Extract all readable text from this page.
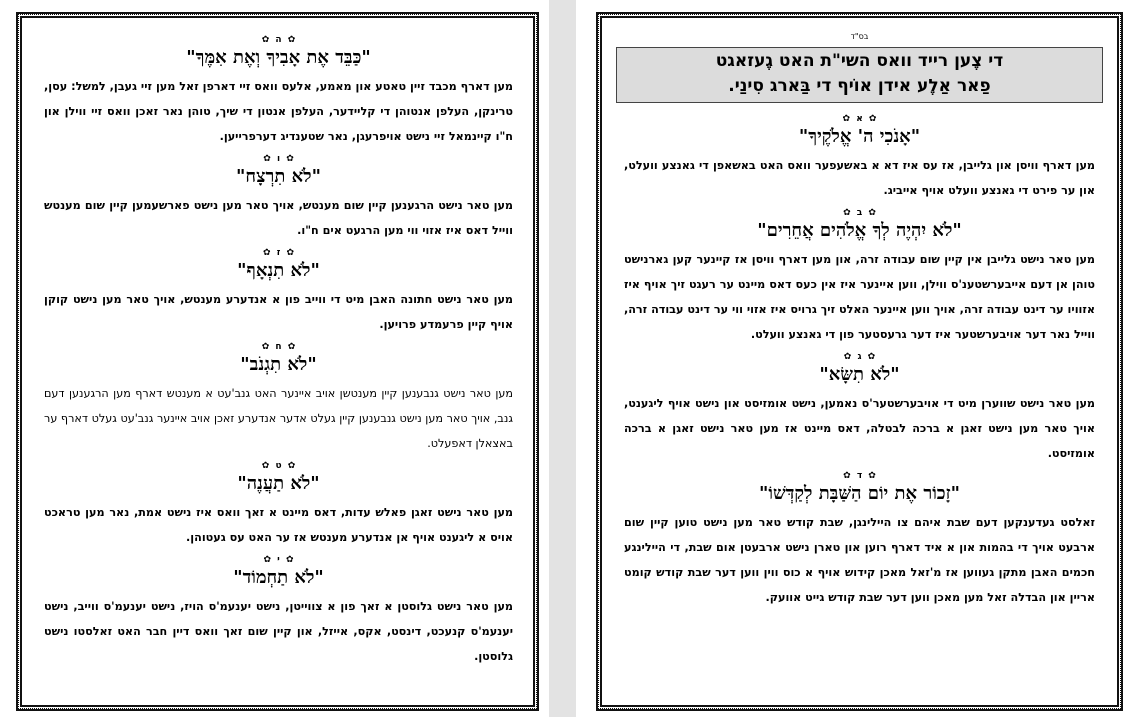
✿ ה ✿
"כַּבֵּד אֶת אָבִיךָ וְאֶת אִמֶּךָ"

מען דארף מכבד זיין טאטע און מאמע, אלעס וואס זיי דארפן זאל מען זיי געבן, למשל: עסן, טרינקן, העלפן אנטוהן די קליידער, העלפן אנטון די שיך, טוהן נאר זאכן וואס זיי ווילן און ח"ו קיינמאל זיי נישט אויפרעגן, נאר שטענדיג דערפרייען.

✿ ו ✿
"לֹא תִרְצָח"

מען טאר נישט הרגענען קיין שום מענטש, אויך טאר מען נישט פארשעמען קיין שום מענטש ווייל דאס איז אזוי ווי מען הרגעט אים ח"ו.

✿ ז ✿
"לֹא תִנְאָף"

מען טאר נישט חתונה האבן מיט די ווייב פון א אנדערע מענטש, אויך טאר מען נישט קוקן אויף קיין פרעמדע פרויען.

✿ ח ✿
"לֹא תִגְנֹב"

מען טאר נישט גנבענען קיין מענטשן אויב איינער האט גנב'עט א מענטש דארף מען הרגענען דעם גנב, אויך טאר מען נישט גנבענען קיין געלט אדער אנדערע זאכן אויב איינער גנב'עט געלט דארף ער באצאלן דאפעלט.

✿ ט ✿
"לֹא תַעֲנֶה"

מען טאר נישט זאגן פאלש עדות, דאס מיינט א זאך וואס איז נישט אמת, נאר מען טראכט אויס א ליגענט אויף אן אנדערע מענטש אז ער האט עס געטוהן.

✿ י ✿
"לֹא תַחְמוֹד"

מען טאר נישט גלוסטן א זאך פון א צווייטן, נישט יענעמ'ס הויז, נישט יענעמ'ס ווייב, נישט יענעמ'ס קנעכט, דינסט, אקס, אייזל, און קיין שום זאך וואס דיין חבר האט זאלסטו נישט גלוסטן.

בס"ד
די צֶען רייד וואס השי"ת האט גֶעזאגט
פַאר אַלֶע אידן אוֹיף די בַּארג סִינַי.
✿ א ✿
"אָנֹכִי ה' אֱלֹקֶיךָ"

מען דארף וויסן און גלייבן, אז עס איז דא א באשעפער וואס האט באשאפן די גאנצע וועלט, און ער פירט די גאנצע וועלט אויף אייביג.

✿ ב ✿
"לֹא יִהְיֶה לְךָ אֱלֹהִים אֲחֵרִים"

מען טאר נישט גלייבן אין קיין שום עבודה זרה, און מען דארף וויסן אז קיינער קען גארנישט טוהן אן דעם אייבערשטענ'ס ווילן, ווען איינער איז אין כעס דאס מיינט ער רעגט זיך אויף איז אזוויו ער דינט עבודה זרה, אויך ווען איינער האלט זיך גרויס איז אזוי ווי ער דינט עבודה זרה, ווייל נאר דער אויבערשטער איז דער גרעסטער פון די גאנצע וועלט.

✿ ג ✿
"לֹא תִשָּׂא"

מען טאר נישט שווערן מיט די אויבערשטער'ס נאמען, נישט אומזיסט און נישט אויף ליגענט, אויך טאר מען נישט זאגן א ברכה לבטלה, דאס מיינט אז מען טאר נישט זאגן א ברכה אומזיסט.

✿ ד ✿
"זָכוֹר אֶת יוֹם הַשַּׁבָּת לְקַדְּשׁוֹ"

זאלסט געדענקען דעם שבת איהם צו היילינגן, שבת קודש טאר מען נישט טוען קיין שום ארבעט אויך די בהמות און א איד דארף רוען און טארן נישט ארבעטן אום שבת, די היילינגע חכמים האבן מתקן געווען אז מ'זאל מאכן קידוש אויף א כוס ווין ווען דער שבת קודש קומט אריין און הבדלה זאל מען מאכן ווען דער שבת קודש גייט אוועק.
